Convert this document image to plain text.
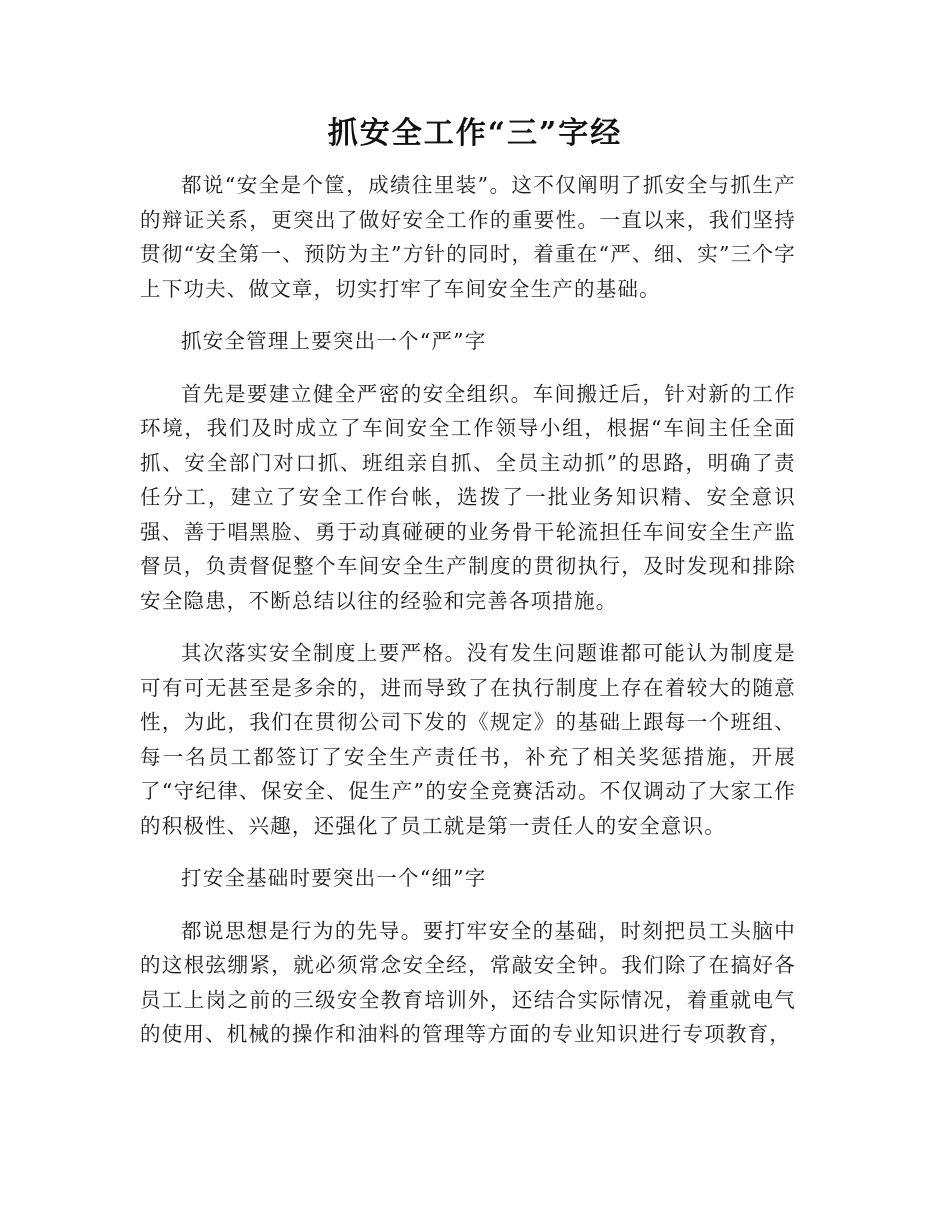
抓安全工作“三”字经

都说“安全是个筐，成绩往里装”。这不仅阐明了抓安全与抓生产的辩证关系，更突出了做好安全工作的重要性。一直以来，我们坚持贯彻“安全第一、预防为主”方针的同时，着重在“严、细、实”三个字上下功夫、做文章，切实打牢了车间安全生产的基础。

抓安全管理上要突出一个“严”字

首先是要建立健全严密的安全组织。车间搬迁后，针对新的工作环境，我们及时成立了车间安全工作领导小组，根据“车间主任全面抓、安全部门对口抓、班组亲自抓、全员主动抓”的思路，明确了责任分工，建立了安全工作台帐，选拨了一批业务知识精、安全意识强、善于唱黑脸、勇于动真碰硬的业务骨干轮流担任车间安全生产监督员，负责督促整个车间安全生产制度的贯彻执行，及时发现和排除安全隐患，不断总结以往的经验和完善各项措施。

其次落实安全制度上要严格。没有发生问题谁都可能认为制度是可有可无甚至是多余的，进而导致了在执行制度上存在着较大的随意性，为此，我们在贯彻公司下发的《规定》的基础上跟每一个班组、每一名员工都签订了安全生产责任书，补充了相关奖惩措施，开展了“守纪律、保安全、促生产”的安全竞赛活动。不仅调动了大家工作的积极性、兴趣，还强化了员工就是第一责任人的安全意识。

打安全基础时要突出一个“细”字

都说思想是行为的先导。要打牢安全的基础，时刻把员工头脑中的这根弦绷紧，就必须常念安全经，常敲安全钟。我们除了在搞好各员工上岗之前的三级安全教育培训外，还结合实际情况，着重就电气的使用、机械的操作和油料的管理等方面的专业知识进行专项教育，
